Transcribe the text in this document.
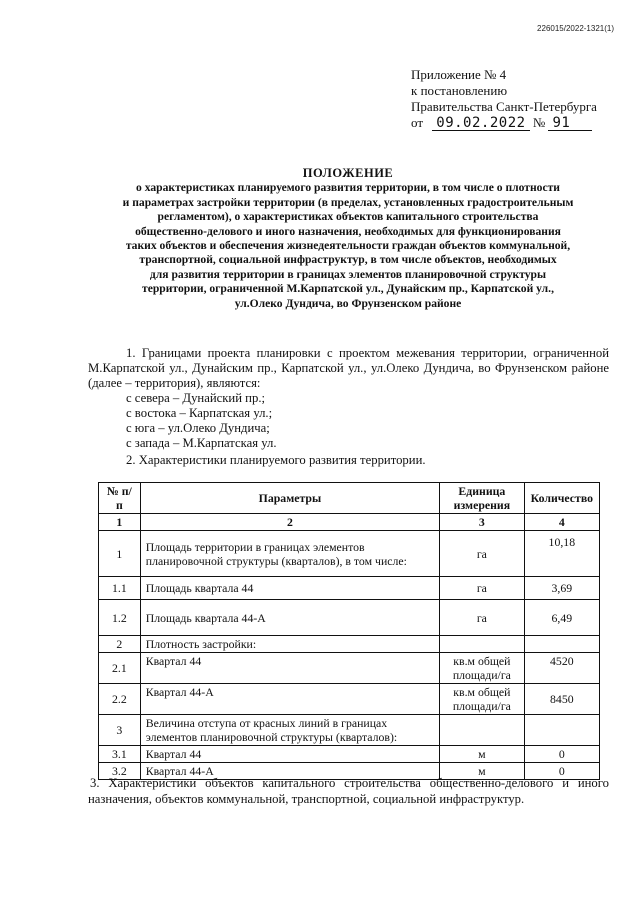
226015/2022-1321(1)
Приложение № 4
к постановлению
Правительства Санкт-Петербурга
от 09.02.2022 № 91
ПОЛОЖЕНИЕ
о характеристиках планируемого развития территории, в том числе о плотности
и параметрах застройки территории (в пределах, установленных градостроительным
регламентом), о характеристиках объектов капитального строительства
общественно-делового и иного назначения, необходимых для функционирования
таких объектов и обеспечения жизнедеятельности граждан объектов коммунальной,
транспортной, социальной инфраструктур, в том числе объектов, необходимых
для развития территории в границах элементов планировочной структуры
территории, ограниченной М.Карпатской ул., Дунайским пр., Карпатской ул.,
ул.Олеко Дундича, во Фрунзенском районе

1. Границами проекта планировки с проектом межевания территории, ограниченной М.Карпатской ул., Дунайским пр., Карпатской ул., ул.Олеко Дундича, во Фрунзенском районе (далее – территория), являются:

с севера – Дунайский пр.;

с востока – Карпатская ул.;

с юга – ул.Олеко Дундича;

с запада – М.Карпатская ул.

2. Характеристики планируемого развития территории.

№ п/п	Параметры	Единица измерения	Количество
1	2	3	4
1	Площадь территории в границах элементов планировочной структуры (кварталов), в том числе:	га	10,18
1.1	Площадь квартала 44	га	3,69
1.2	Площадь квартала 44-А	га	6,49
2	Плотность застройки:		
2.1	Квартал 44	кв.м общей площади/га	4520
2.2	Квартал 44-А	кв.м общей площади/га	8450
3	Величина отступа от красных линий в границах элементов планировочной структуры (кварталов):		
3.1	Квартал 44	м	0
3.2	Квартал 44-А	м	0
3. Характеристики объектов капитального строительства общественно-делового и иного назначения, объектов коммунальной, транспортной, социальной инфраструктур.
